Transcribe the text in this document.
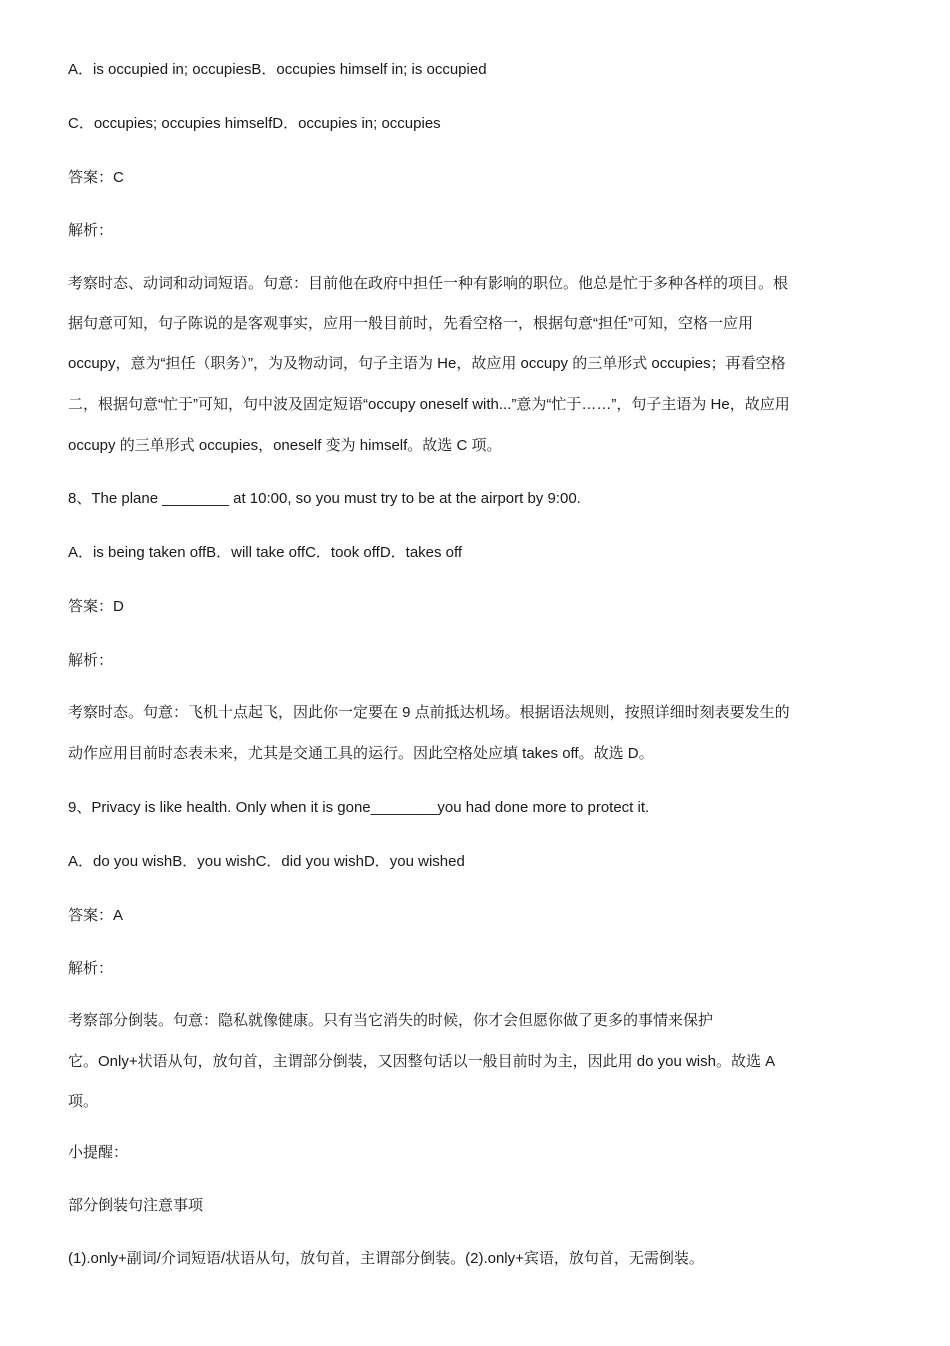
A．is occupied in; occupiesB．occupies himself in; is occupied

C．occupies; occupies himselfD．occupies in; occupies

答案：C

解析：

考察时态、动词和动词短语。句意：目前他在政府中担任一种有影响的职位。他总是忙于多种各样的项目。根

据句意可知，句子陈说的是客观事实，应用一般目前时，先看空格一，根据句意“担任”可知，空格一应用

occupy，意为“担任（职务）”，为及物动词，句子主语为 He，故应用 occupy 的三单形式 occupies；再看空格

二，根据句意“忙于”可知，句中波及固定短语“occupy oneself with...”意为“忙于……”，句子主语为 He，故应用

occupy 的三单形式 occupies，oneself 变为 himself。故选 C 项。

8、The plane ________ at 10:00, so you must try to be at the airport by 9:00.

A．is being taken offB．will take offC．took offD．takes off

答案：D

解析：

考察时态。句意：飞机十点起飞，因此你一定要在 9 点前抵达机场。根据语法规则，按照详细时刻表要发生的

动作应用目前时态表未来，尤其是交通工具的运行。因此空格处应填 takes off。故选 D。

9、Privacy is like health. Only when it is gone________you had done more to protect it.

A．do you wishB．you wishC．did you wishD．you wished

答案：A

解析：

考察部分倒装。句意：隐私就像健康。只有当它消失的时候，你才会但愿你做了更多的事情来保护

它。Only+状语从句，放句首，主谓部分倒装，又因整句话以一般目前时为主，因此用 do you wish。故选 A

项。

小提醒：

部分倒装句注意事项

(1).only+副词/介词短语/状语从句，放句首，主谓部分倒装。(2).only+宾语，放句首，无需倒装。
